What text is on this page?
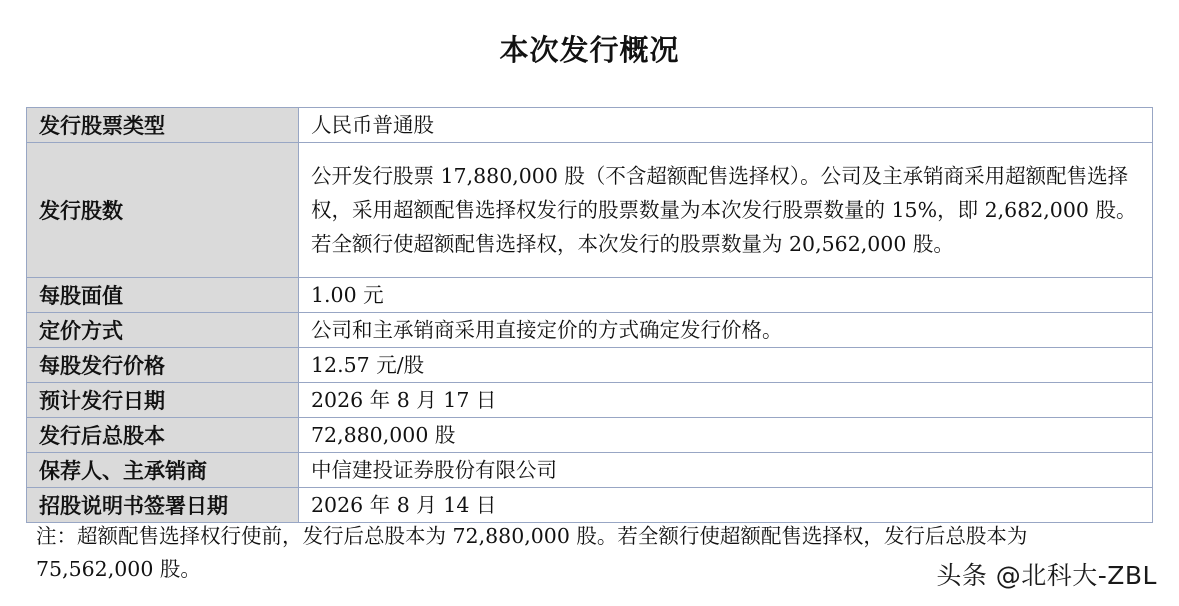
本次发行概况
发行股票类型	人民币普通股
发行股数	公开发行股票 17,880,000 股（不含超额配售选择权）。公司及主承销商采用超额配售选择权，采用超额配售选择权发行的股票数量为本次发行股票数量的 15%，即 2,682,000 股。若全额行使超额配售选择权，本次发行的股票数量为 20,562,000 股。
每股面值	1.00 元
定价方式	公司和主承销商采用直接定价的方式确定发行价格。
每股发行价格	12.57 元/股
预计发行日期	2026 年 8 月 17 日
发行后总股本	72,880,000 股
保荐人、主承销商	中信建投证券股份有限公司
招股说明书签署日期	2026 年 8 月 14 日
注：超额配售选择权行使前，发行后总股本为 72,880,000 股。若全额行使超额配售选择权，发行后总股本为 75,562,000 股。	头条 @北科大-ZBL
